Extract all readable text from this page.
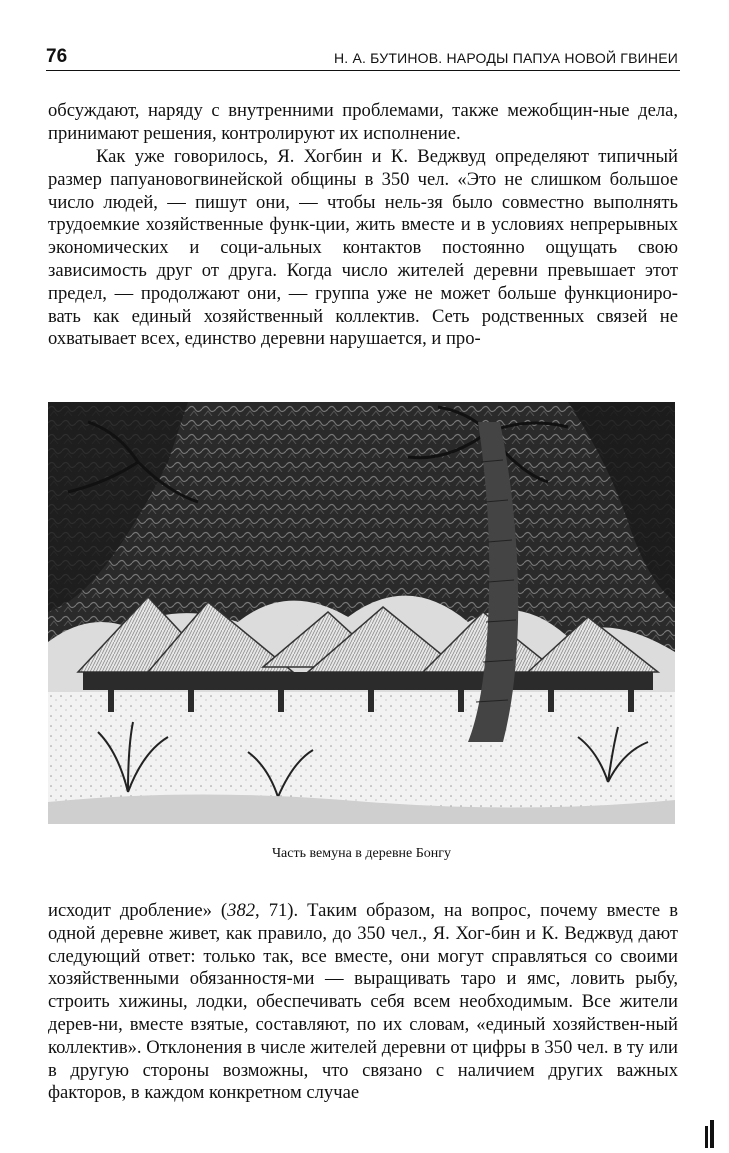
76	Н. А. БУТИНОВ. НАРОДЫ ПАПУА НОВОЙ ГВИНЕИ

обсуждают, наряду с внутренними проблемами, также межобщин-ные дела, принимают решения, контролируют их исполнение.

Как уже говорилось, Я. Хогбин и К. Веджвуд определяют типичный размер папуановогвинейской общины в 350 чел. «Это не слишком большое число людей, — пишут они, — чтобы нель-зя было совместно выполнять трудоемкие хозяйственные функ-ции, жить вместе и в условиях непрерывных экономических и соци-альных контактов постоянно ощущать свою зависимость друг от друга. Когда число жителей деревни превышает этот предел, — продолжают они, — группа уже не может больше функциониро-вать как единый хозяйственный коллектив. Сеть родственных связей не охватывает всех, единство деревни нарушается, и про-

Часть вемуна в деревне Бонгу

исходит дробление» (382, 71). Таким образом, на вопрос, почему вместе в одной деревне живет, как правило, до 350 чел., Я. Хог-бин и К. Веджвуд дают следующий ответ: только так, все вместе, они могут справляться со своими хозяйственными обязанностя-ми — выращивать таро и ямс, ловить рыбу, строить хижины, лодки, обеспечивать себя всем необходимым. Все жители дерев-ни, вместе взятые, составляют, по их словам, «единый хозяйствен-ный коллектив». Отклонения в числе жителей деревни от цифры в 350 чел. в ту или в другую стороны возможны, что связано с наличием других важных факторов, в каждом конкретном случае
